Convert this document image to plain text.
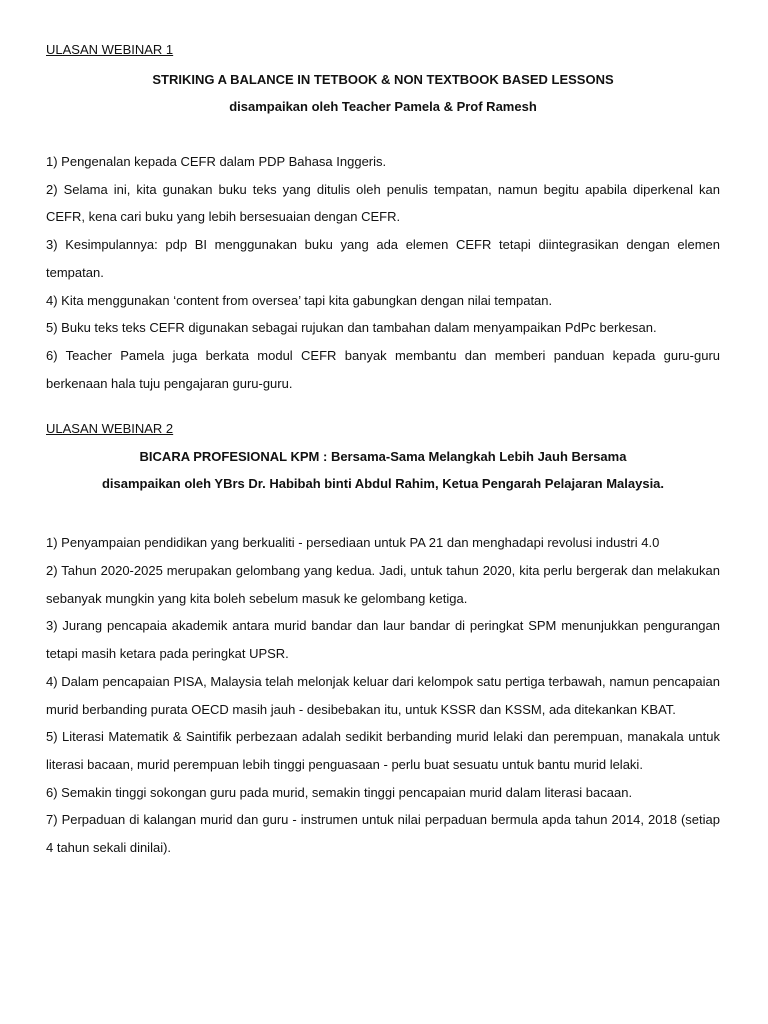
ULASAN WEBINAR 1

STRIKING A BALANCE IN TETBOOK & NON TEXTBOOK BASED LESSONS

disampaikan oleh Teacher Pamela & Prof Ramesh

1) Pengenalan kepada CEFR dalam PDP Bahasa Inggeris.

2) Selama ini, kita gunakan buku teks yang ditulis oleh penulis tempatan, namun begitu apabila diperkenal kan CEFR, kena cari buku yang lebih bersesuaian dengan CEFR.

3) Kesimpulannya: pdp BI menggunakan buku yang ada elemen CEFR tetapi diintegrasikan dengan elemen tempatan.

4) Kita menggunakan ‘content from oversea’ tapi kita gabungkan dengan nilai tempatan.

5) Buku teks teks CEFR digunakan sebagai rujukan dan tambahan dalam menyampaikan PdPc berkesan.

6) Teacher Pamela juga berkata modul CEFR banyak membantu dan memberi panduan kepada guru-guru berkenaan hala tuju pengajaran guru-guru.

ULASAN WEBINAR 2

BICARA PROFESIONAL KPM : Bersama-Sama Melangkah Lebih Jauh Bersama

disampaikan oleh YBrs Dr. Habibah binti Abdul Rahim, Ketua Pengarah Pelajaran Malaysia.

1) Penyampaian pendidikan yang berkualiti - persediaan untuk PA 21 dan menghadapi revolusi industri 4.0

2) Tahun 2020-2025 merupakan gelombang yang kedua. Jadi, untuk tahun 2020, kita perlu bergerak dan melakukan sebanyak mungkin yang kita boleh sebelum masuk ke gelombang ketiga.

3) Jurang pencapaia akademik antara murid bandar dan laur bandar di peringkat SPM menunjukkan pengurangan tetapi masih ketara pada peringkat UPSR.

4) Dalam pencapaian PISA, Malaysia telah melonjak keluar dari kelompok satu pertiga terbawah, namun pencapaian murid berbanding purata OECD masih jauh - desibebakan itu, untuk KSSR dan KSSM, ada ditekankan KBAT.

5) Literasi Matematik & Saintifik perbezaan adalah sedikit berbanding murid lelaki dan perempuan, manakala untuk literasi bacaan, murid perempuan lebih tinggi penguasaan - perlu buat sesuatu untuk bantu murid lelaki.

6) Semakin tinggi sokongan guru pada murid, semakin tinggi pencapaian murid dalam literasi bacaan.

7) Perpaduan di kalangan murid dan guru - instrumen untuk nilai perpaduan bermula apda tahun 2014, 2018 (setiap 4 tahun sekali dinilai).
